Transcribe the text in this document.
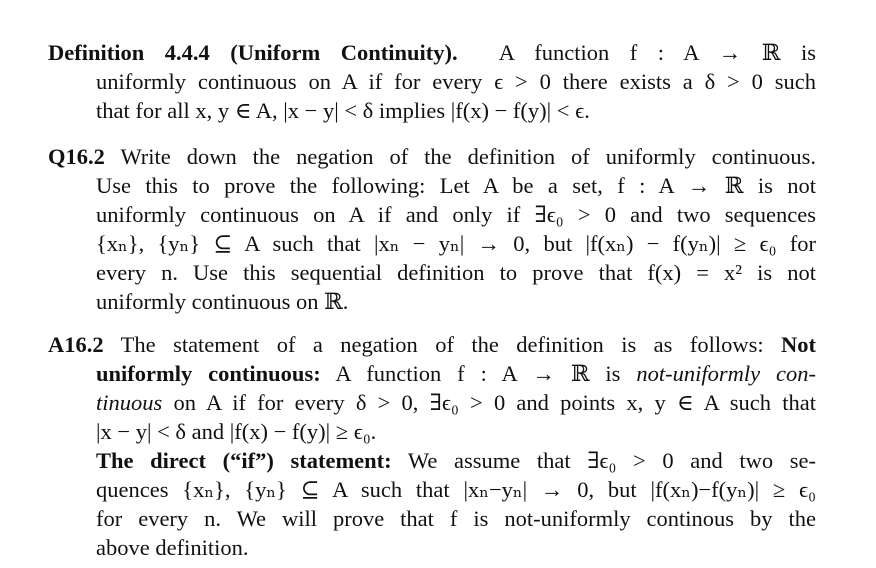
Definition 4.4.4 (Uniform Continuity). A function f : A → ℝ is
uniformly continuous on A if for every ϵ > 0 there exists a δ > 0 such
that for all x, y ∈ A, |x − y| < δ implies |f(x) − f(y)| < ϵ.
Q16.2 Write down the negation of the definition of uniformly continuous.
Use this to prove the following: Let A be a set, f : A → ℝ is not
uniformly continuous on A if and only if ∃ϵ₀ > 0 and two sequences
{xₙ}, {yₙ} ⊆ A such that |xₙ − yₙ| → 0, but |f(xₙ) − f(yₙ)| ≥ ϵ₀ for
every n. Use this sequential definition to prove that f(x) = x² is not
uniformly continuous on ℝ.
A16.2 The statement of a negation of the definition is as follows: Not
uniformly continuous: A function f : A → ℝ is not-uniformly con-
tinuous on A if for every δ > 0, ∃ϵ₀ > 0 and points x, y ∈ A such that
|x − y| < δ and |f(x) − f(y)| ≥ ϵ₀.
The direct (“if”) statement: We assume that ∃ϵ₀ > 0 and two se-
quences {xₙ}, {yₙ} ⊆ A such that |xₙ−yₙ| → 0, but |f(xₙ)−f(yₙ)| ≥ ϵ₀
for every n. We will prove that f is not-uniformly continous by the
above definition.
